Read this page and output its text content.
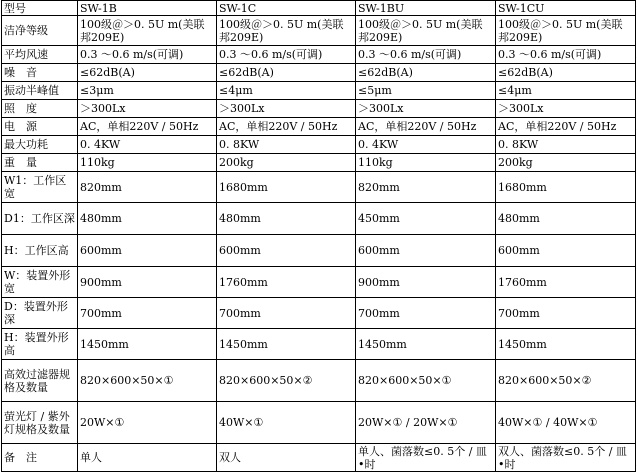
型号	SW-1B	SW-1C	SW-1BU	SW-1CU
洁净等级	100级＠＞0. 5U m(美联邦209E)	100级＠＞0. 5U m(美联邦209E)	100级＠＞0. 5U m(美联邦209E)	100级＠＞0. 5U m(美联邦209E)
平均风速	0.3 ～0.6 m/s(可调)	0.3 ～0.6 m/s(可调)	0.3 ～0.6 m/s(可调)	0.3 ～0.6 m/s(可调)
噪　音	≤62dB(A)	≤62dB(A)	≤62dB(A)	≤62dB(A)
振动半峰值	≤3μm	≤4μm	≤5μm	≤4μm
照　度	＞300Lx	＞300Lx	＞300Lx	＞300Lx
电　源	AC，单相220V / 50Hz	AC，单相220V / 50Hz	AC，单相220V / 50Hz	AC，单相220V / 50Hz
最大功耗	0. 4KW	0. 8KW	0. 4KW	0. 8KW
重　量	110kg	200kg	110kg	200kg
W1：工作区宽	820mm	1680mm	820mm	1680mm
D1：工作区深	480mm	480mm	450mm	480mm
H：工作区高	600mm	600mm	600mm	600mm
W：装置外形宽	900mm	1760mm	900mm	1760mm
D：装置外形深	700mm	700mm	700mm	700mm
H：装置外形高	1450mm	1450mm	1450mm	1450mm
高效过滤器规格及数量	820×600×50×①	820×600×50×②	820×600×50×①	820×600×50×②
萤光灯 / 紫外灯规格及数量	20W×①	40W×①	20W×① / 20W×①	40W×① / 40W×①
备　注	单人	双人	单人、菌落数≤0. 5个 / 皿•时	双人、菌落数≤0. 5个 / 皿•时
